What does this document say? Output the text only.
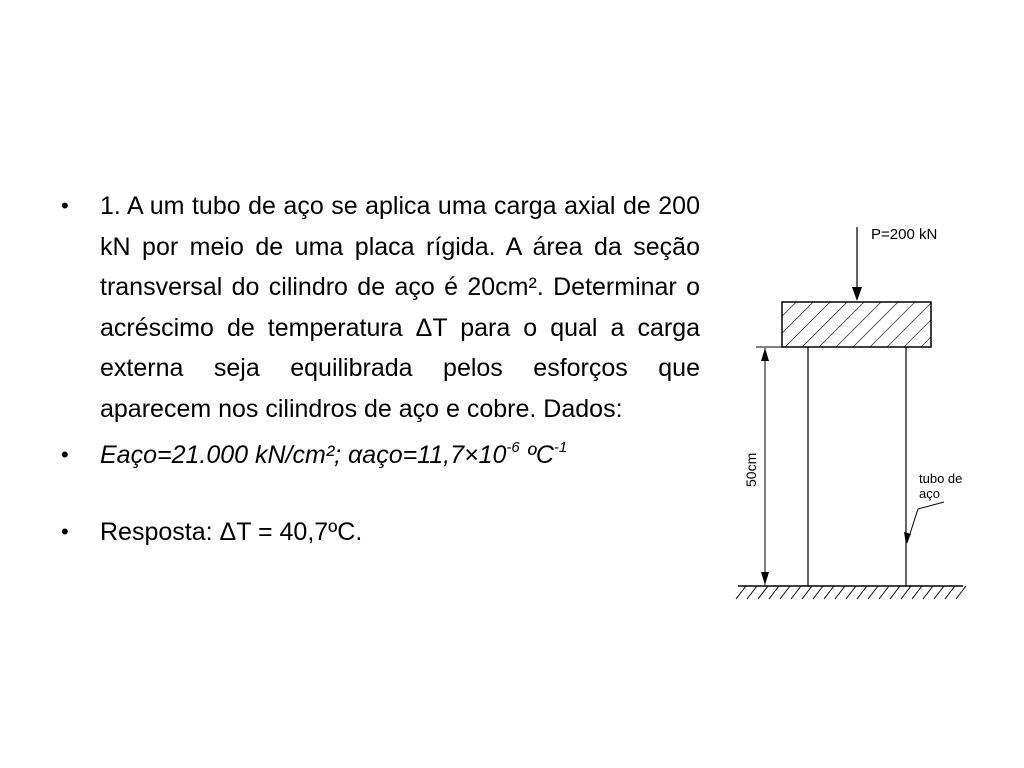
• 1. A um tubo de aço se aplica uma carga axial de 200 kN por meio de uma placa rígida. A área da seção transversal do cilindro de aço é 20cm². Determinar o acréscimo de temperatura ΔT para o qual a carga externa seja equilibrada pelos esforços que aparecem nos cilindros de aço e cobre. Dados:
• Eaço=21.000 kN/cm²; $\alpha aço=11,7\times 10^{-6}$ ºC$^{-1}$
• Resposta: ΔT = 40,7ºC.
P=200 kN
50cm	tubo de
aço
